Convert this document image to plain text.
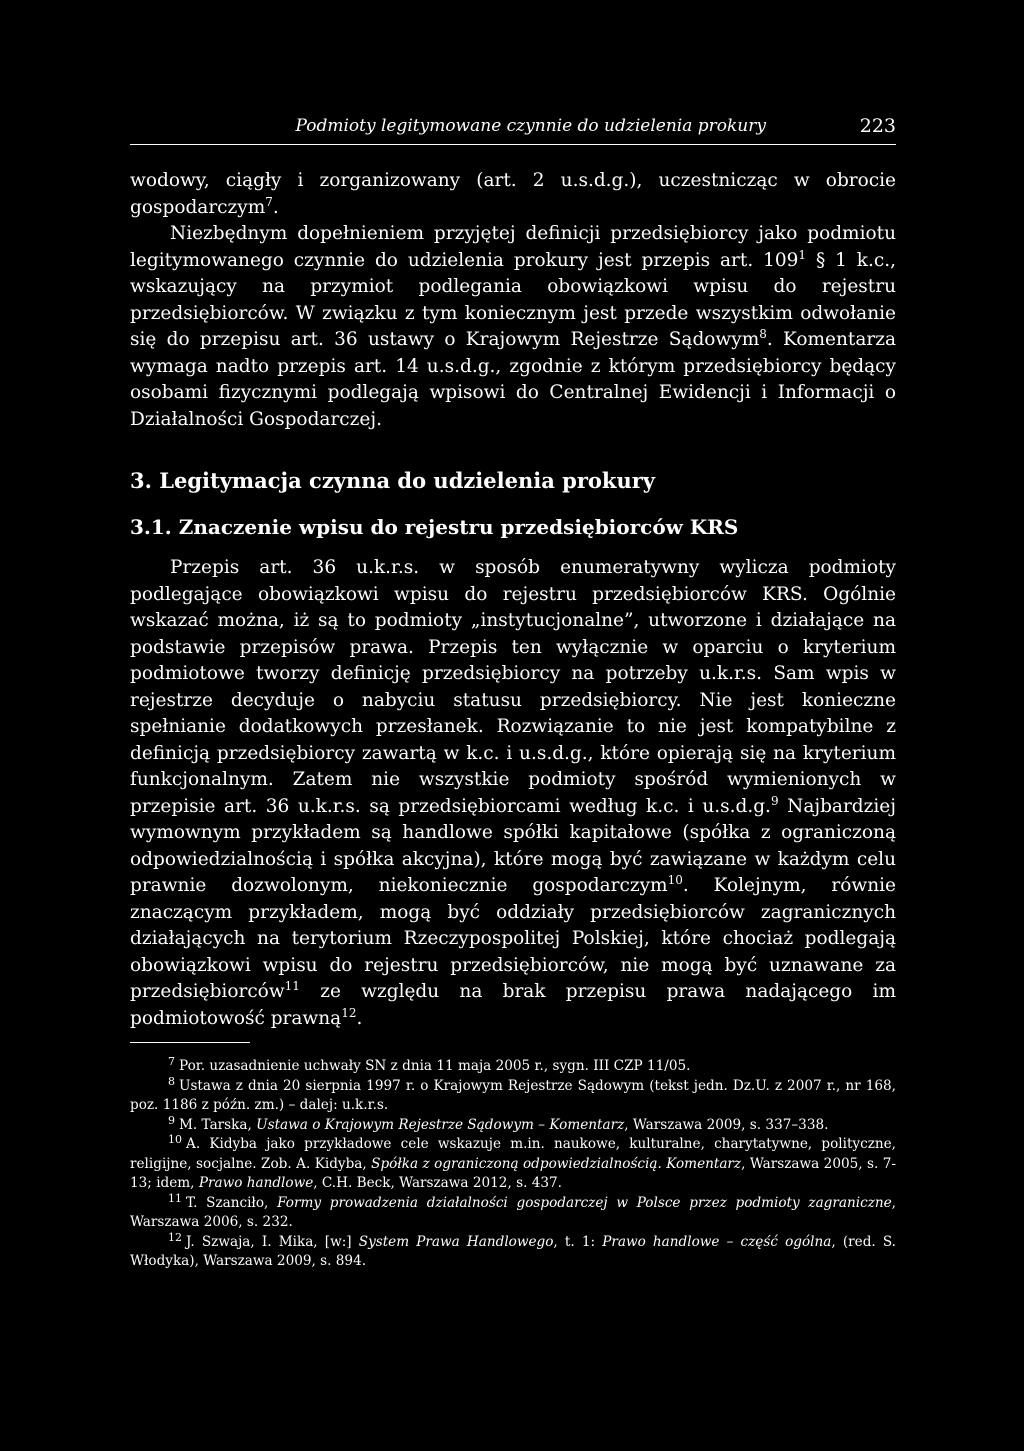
Podmioty legitymowane czynnie do udzielenia prokury	223

wodowy, ciągły i zorganizowany (art. 2 u.s.d.g.), uczestnicząc w obrocie gospodarczym$^7$.

Niezbędnym dopełnieniem przyjętej definicji przedsiębiorcy jako podmiotu legitymowanego czynnie do udzielenia prokury jest przepis art. $109^1$ § 1 k.c., wskazujący na przymiot podlegania obowiązkowi wpisu do rejestru przedsiębiorców. W związku z tym koniecznym jest przede wszystkim odwołanie się do przepisu art. 36 ustawy o Krajowym Rejestrze Sądowym$^8$. Komentarza wymaga nadto przepis art. 14 u.s.d.g., zgodnie z którym przedsiębiorcy będący osobami fizycznymi podlegają wpisowi do Centralnej Ewidencji i Informacji o Działalności Gospodarczej.

3. Legitymacja czynna do udzielenia prokury
3.1. Znaczenie wpisu do rejestru przedsiębiorców KRS

Przepis art. 36 u.k.r.s. w sposób enumeratywny wylicza podmioty podlegające obowiązkowi wpisu do rejestru przedsiębiorców KRS. Ogólnie wskazać można, iż są to podmioty „instytucjonalne”, utworzone i działające na podstawie przepisów prawa. Przepis ten wyłącznie w oparciu o kryterium podmiotowe tworzy definicję przedsiębiorcy na potrzeby u.k.r.s. Sam wpis w rejestrze decyduje o nabyciu statusu przedsiębiorcy. Nie jest konieczne spełnianie dodatkowych przesłanek. Rozwiązanie to nie jest kompatybilne z definicją przedsiębiorcy zawartą w k.c. i u.s.d.g., które opierają się na kryterium funkcjonalnym. Zatem nie wszystkie podmioty spośród wymienionych w przepisie art. 36 u.k.r.s. są przedsiębiorcami według k.c. i u.s.d.g.$^9$ Najbardziej wymownym przykładem są handlowe spółki kapitałowe (spółka z ograniczoną odpowiedzialnością i spółka akcyjna), które mogą być zawiązane w każdym celu prawnie dozwolonym, niekoniecznie gospodarczym$^{10}$. Kolejnym, równie znaczącym przykładem, mogą być oddziały przedsiębiorców zagranicznych działających na terytorium Rzeczypospolitej Polskiej, które chociaż podlegają obowiązkowi wpisu do rejestru przedsiębiorców, nie mogą być uznawane za przedsiębiorców$^{11}$ ze względu na brak przepisu prawa nadającego im podmiotowość prawną$^{12}$.

$^7$ Por. uzasadnienie uchwały SN z dnia 11 maja 2005 r., sygn. III CZP 11/05.

$^8$ Ustawa z dnia 20 sierpnia 1997 r. o Krajowym Rejestrze Sądowym (tekst jedn. Dz.U. z 2007 r., nr 168, poz. 1186 z późn. zm.) – dalej: u.k.r.s.

$^9$ M. Tarska, Ustawa o Krajowym Rejestrze Sądowym – Komentarz, Warszawa 2009, s. 337–338.

$^{10}$ A. Kidyba jako przykładowe cele wskazuje m.in. naukowe, kulturalne, charytatywne, polityczne, religijne, socjalne. Zob. A. Kidyba, Spółka z ograniczoną odpowiedzialnością. Komentarz, Warszawa 2005, s. 7-13; idem, Prawo handlowe, C.H. Beck, Warszawa 2012, s. 437.

$^{11}$ T. Szanciło, Formy prowadzenia działalności gospodarczej w Polsce przez podmioty zagraniczne, Warszawa 2006, s. 232.

$^{12}$ J. Szwaja, I. Mika, [w:] System Prawa Handlowego, t. 1: Prawo handlowe – część ogólna, (red. S. Włodyka), Warszawa 2009, s. 894.
